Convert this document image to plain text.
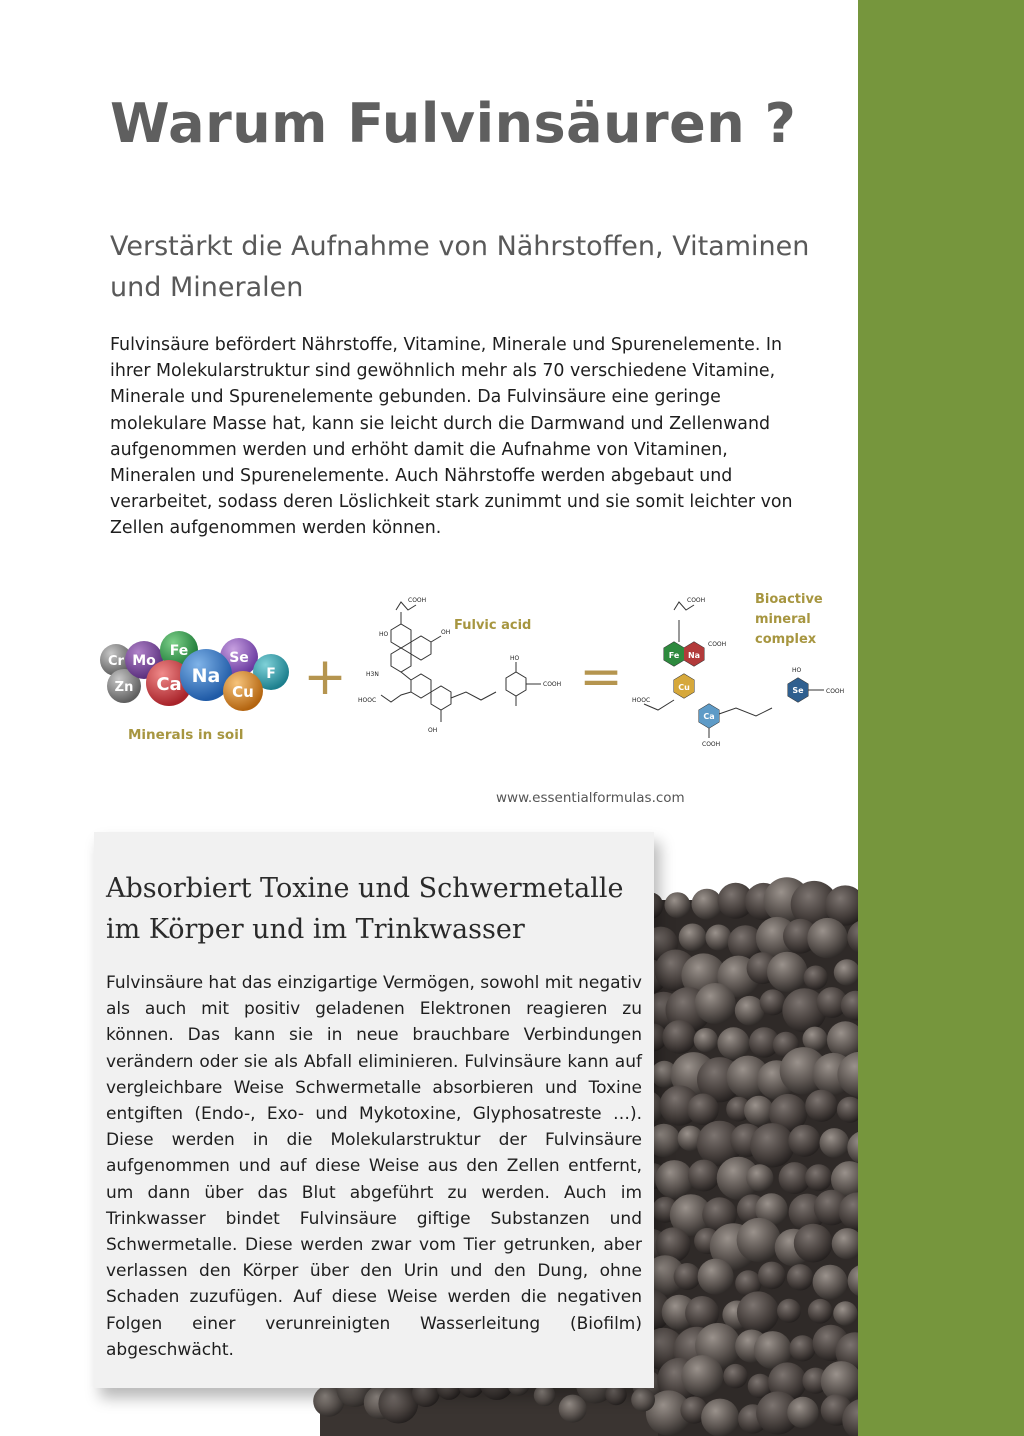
Warum Fulvinsäuren ?
Verstärkt die Aufnahme von Nährstoffen, Vitaminen und Mineralen

Fulvinsäure befördert Nährstoffe, Vitamine, Minerale und Spurenelemente. In ihrer Molekularstruktur sind gewöhnlich mehr als 70 verschiedene Vitamine, Minerale und Spurenelemente gebunden. Da Fulvinsäure eine geringe molekulare Masse hat, kann sie leicht durch die Darmwand und Zellenwand aufgenommen werden und erhöht damit die Aufnahme von Vitaminen, Mineralen und Spurenelemente. Auch Nährstoffe werden abgebaut und verarbeitet, sodass deren Löslichkeit stark zunimmt und sie somit leichter von Zellen aufgenommen werden können.

Cr
Zn
Mo
Fe	Se
F
Ca Na
Cu
Minerals in soil
+
COOH
HO	OH
H3N
HOOC
OH
COOH
HO
Fulvic acid
=	Fe Na
Cu
Ca
Se
COOH
COOH
HOOC
COOH
HO
COOH
Bioactive
mineral
complex

www.essentialformulas.com

Absorbiert Toxine und Schwermetalle im Körper und im Trinkwasser

Fulvinsäure hat das einzigartige Vermögen, sowohl mit negativ als auch mit positiv geladenen Elektronen reagieren zu können. Das kann sie in neue brauchbare Verbindungen verändern oder sie als Abfall eliminieren. Fulvinsäure kann auf vergleichbare Weise Schwermetalle absorbieren und Toxine entgiften (Endo-, Exo- und Mykotoxine, Glyphosatreste …). Diese werden in die Molekularstruktur der Fulvinsäure aufgenommen und auf diese Weise aus den Zellen entfernt, um dann über das Blut abgeführt zu werden. Auch im Trinkwasser bindet Fulvinsäure giftige Substanzen und Schwermetalle. Diese werden zwar vom Tier getrunken, aber verlassen den Körper über den Urin und den Dung, ohne Schaden zuzufügen. Auf diese Weise werden die negativen Folgen einer verunreinigten Wasserleitung (Biofilm) abgeschwächt.
